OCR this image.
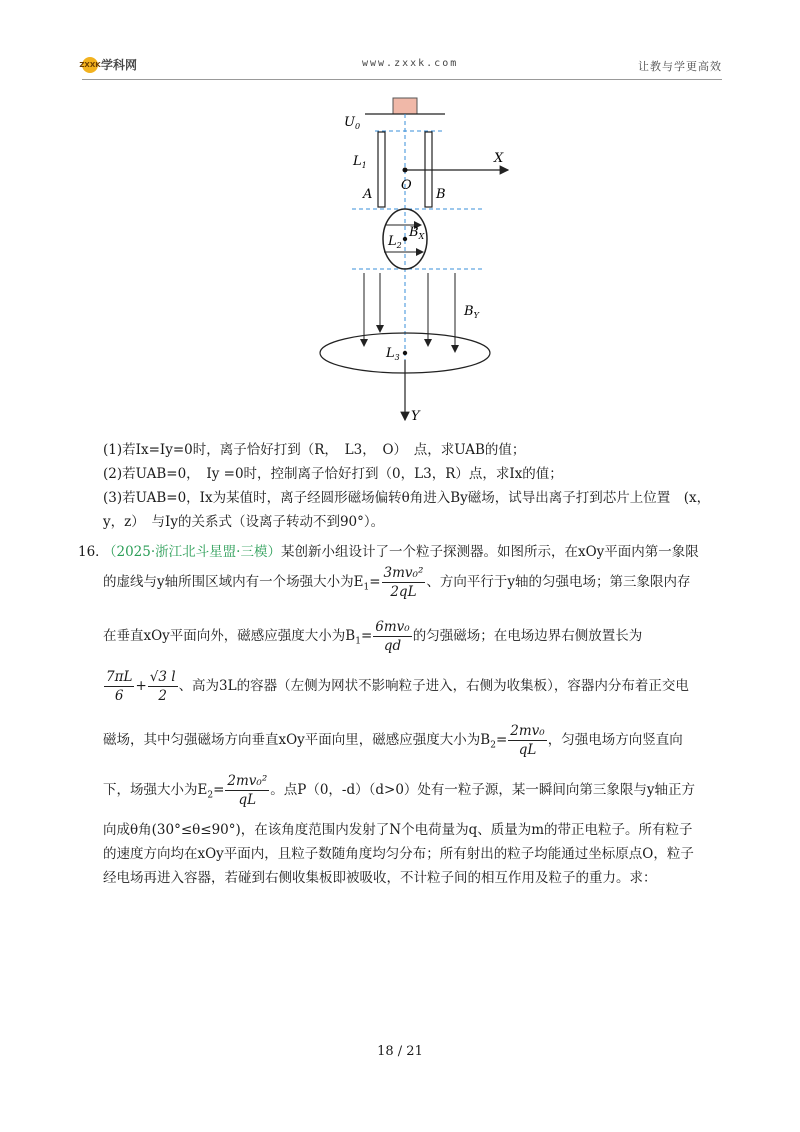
ZXXK 学科网	www.zxxk.com	让教与学更高效
$U_0$
$L_1$
A	B
O
X
$L_2$
$B_X$
$B_Y$
$L_3$
Y
(1)若Ix=Iy=0时，离子恰好打到（R，　L3，　O）　点，求UAB的值；
(2)若UAB=0，　Iy =0时，控制离子恰好打到（0，L3，R）点，求Ix的值；
(3)若UAB=0，Ix为某值时，离子经圆形磁场偏转θ角进入By磁场，试导出离子打到芯片上位置　(x，
y，z）　与Iy的关系式（设离子转动不到90°）。
16．
（2025·浙江北斗星盟·三模）某创新小组设计了一个粒子探测器。如图所示，在xOy平面内第一象限
的虚线与y轴所围区域内有一个场强大小为$E_1= \frac{\text{3mv₀²}}{2qL}$ 、方向平行于y轴的匀强电场；第三象限内存
在垂直xOy平面向外，磁感应强度大小为$B_1= \frac{\text{6mv₀}}{qd}$ 的匀强磁场；在电场边界右侧放置长为
$\frac{7\pi L}{6} + \frac{√3 l}{2}$ 、高为3L的容器（左侧为网状不影响粒子进入，右侧为收集板），容器内分布着正交电
磁场，其中匀强磁场方向垂直xOy平面向里，磁感应强度大小为$B_2= \frac{\text{2mv₀}}{qL}$ ，匀强电场方向竖直向
下，场强大小为$E_2= \frac{\text{2mv₀²}}{qL}$ 。点P（0，-d）（d>0）处有一粒子源，某一瞬间向第三象限与y轴正方
向成θ角(30°≤θ≤90°)，在该角度范围内发射了N个电荷量为q、质量为m的带正电粒子。所有粒子
的速度方向均在xOy平面内，且粒子数随角度均匀分布；所有射出的粒子均能通过坐标原点O，粒子
经电场再进入容器，若碰到右侧收集板即被吸收，不计粒子间的相互作用及粒子的重力。求：
18 / 21
